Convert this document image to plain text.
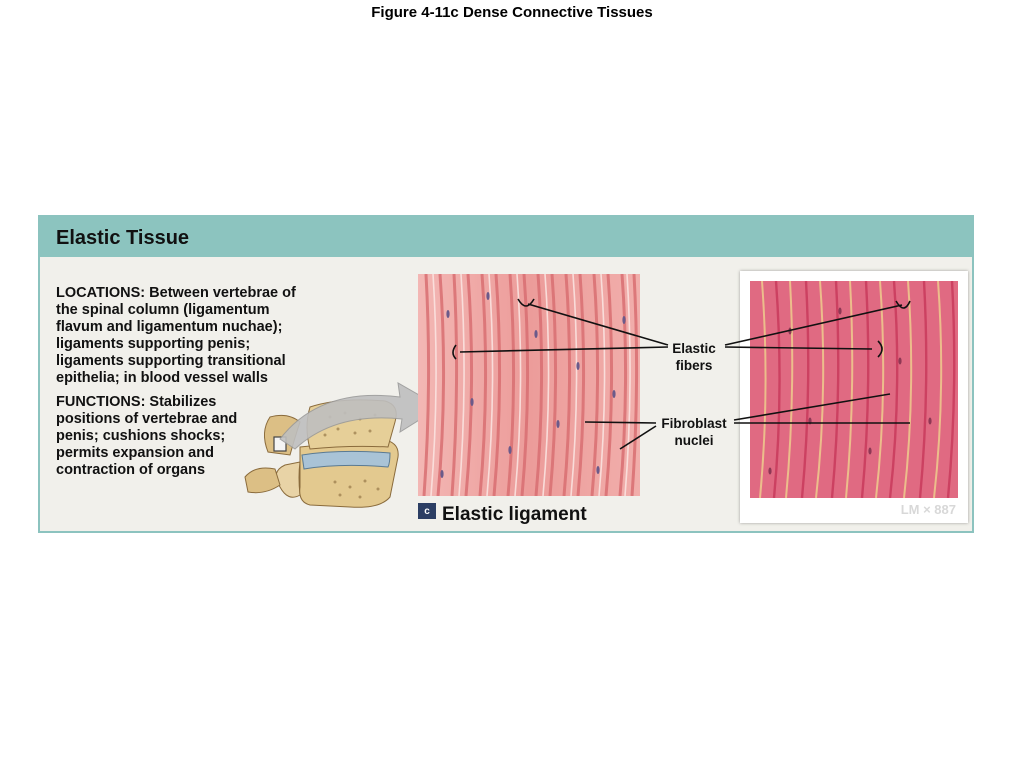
Figure 4-11c Dense Connective Tissues
Elastic Tissue
LOCATIONS: Between vertebrae of the spinal column (ligamentum flavum and ligamentum nuchae); ligaments supporting penis; ligaments supporting transitional epithelia; in blood vessel walls
FUNCTIONS: Stabilizes positions of vertebrae and penis; cushions shocks; permits expansion and contraction of organs
LM × 887
c Elastic ligament
Elastic fibers
Fibroblast nuclei
